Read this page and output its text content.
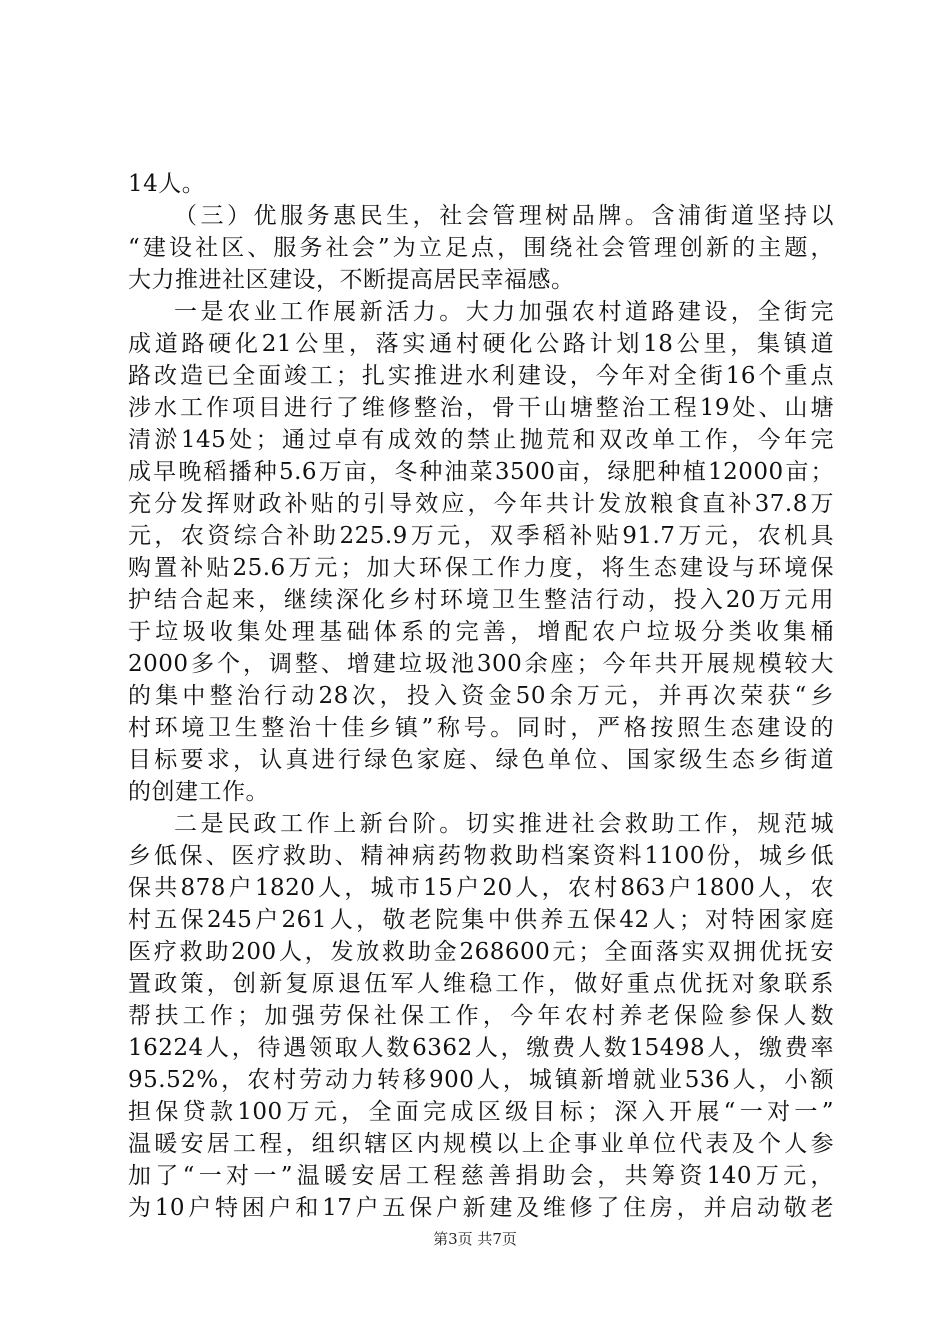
14人。
（三）优服务惠民生，社会管理树品牌。含浦街道坚持以
“建设社区、服务社会”为立足点，围绕社会管理创新的主题，
大力推进社区建设，不断提高居民幸福感。
一是农业工作展新活力。大力加强农村道路建设，全街完
成道路硬化21公里，落实通村硬化公路计划18公里，集镇道
路改造已全面竣工；扎实推进水利建设，今年对全街16个重点
涉水工作项目进行了维修整治，骨干山塘整治工程19处、山塘
清淤145处；通过卓有成效的禁止抛荒和双改单工作，今年完
成早晚稻播种5.6万亩，冬种油菜3500亩，绿肥种植12000亩；
充分发挥财政补贴的引导效应，今年共计发放粮食直补37.8万
元，农资综合补助225.9万元，双季稻补贴91.7万元，农机具
购置补贴25.6万元；加大环保工作力度，将生态建设与环境保
护结合起来，继续深化乡村环境卫生整洁行动，投入20万元用
于垃圾收集处理基础体系的完善，增配农户垃圾分类收集桶
2000多个，调整、增建垃圾池300余座；今年共开展规模较大
的集中整治行动28次，投入资金50余万元，并再次荣获“乡
村环境卫生整治十佳乡镇”称号。同时，严格按照生态建设的
目标要求，认真进行绿色家庭、绿色单位、国家级生态乡街道
的创建工作。
二是民政工作上新台阶。切实推进社会救助工作，规范城
乡低保、医疗救助、精神病药物救助档案资料1100份，城乡低
保共878户1820人，城市15户20人，农村863户1800人，农
村五保245户261人，敬老院集中供养五保42人；对特困家庭
医疗救助200人，发放救助金268600元；全面落实双拥优抚安
置政策，创新复原退伍军人维稳工作，做好重点优抚对象联系
帮扶工作；加强劳保社保工作，今年农村养老保险参保人数
16224人，待遇领取人数6362人，缴费人数15498人，缴费率
95.52%，农村劳动力转移900人，城镇新增就业536人，小额
担保贷款100万元，全面完成区级目标；深入开展“一对一”
温暖安居工程，组织辖区内规模以上企事业单位代表及个人参
加了“一对一”温暖安居工程慈善捐助会，共筹资140万元，
为10户特困户和17户五保户新建及维修了住房，并启动敬老
第3页 共7页
